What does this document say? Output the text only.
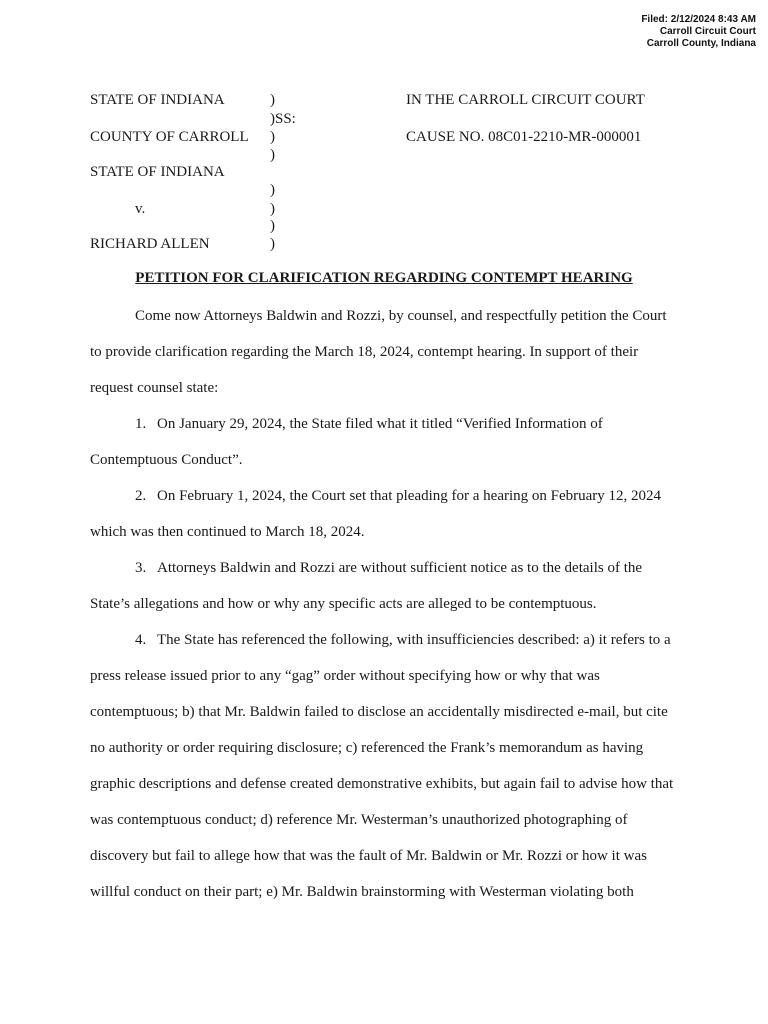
Filed: 2/12/2024 8:43 AM
Carroll Circuit Court
Carroll County, Indiana
STATE OF INDIANA
COUNTY OF CARROLL
STATE OF INDIANA
v.
RICHARD ALLEN
)
)SS:
)
)
)
)
)
)
IN THE CARROLL CIRCUIT COURT
CAUSE NO. 08C01-2210-MR-000001
PETITION FOR CLARIFICATION REGARDING CONTEMPT HEARING

Come now Attorneys Baldwin and Rozzi, by counsel, and respectfully petition the Court to provide clarification regarding the March 18, 2024, contempt hearing. In support of their request counsel state:

1. On January 29, 2024, the State filed what it titled “Verified Information of Contemptuous Conduct”.

2. On February 1, 2024, the Court set that pleading for a hearing on February 12, 2024 which was then continued to March 18, 2024.

3. Attorneys Baldwin and Rozzi are without sufficient notice as to the details of the State’s allegations and how or why any specific acts are alleged to be contemptuous.

4. The State has referenced the following, with insufficiencies described: a) it refers to a press release issued prior to any “gag” order without specifying how or why that was contemptuous; b) that Mr. Baldwin failed to disclose an accidentally misdirected e-mail, but cite no authority or order requiring disclosure; c) referenced the Frank’s memorandum as having graphic descriptions and defense created demonstrative exhibits, but again fail to advise how that was contemptuous conduct; d) reference Mr. Westerman’s unauthorized photographing of discovery but fail to allege how that was the fault of Mr. Baldwin or Mr. Rozzi or how it was willful conduct on their part; e) Mr. Baldwin brainstorming with Westerman violating both
